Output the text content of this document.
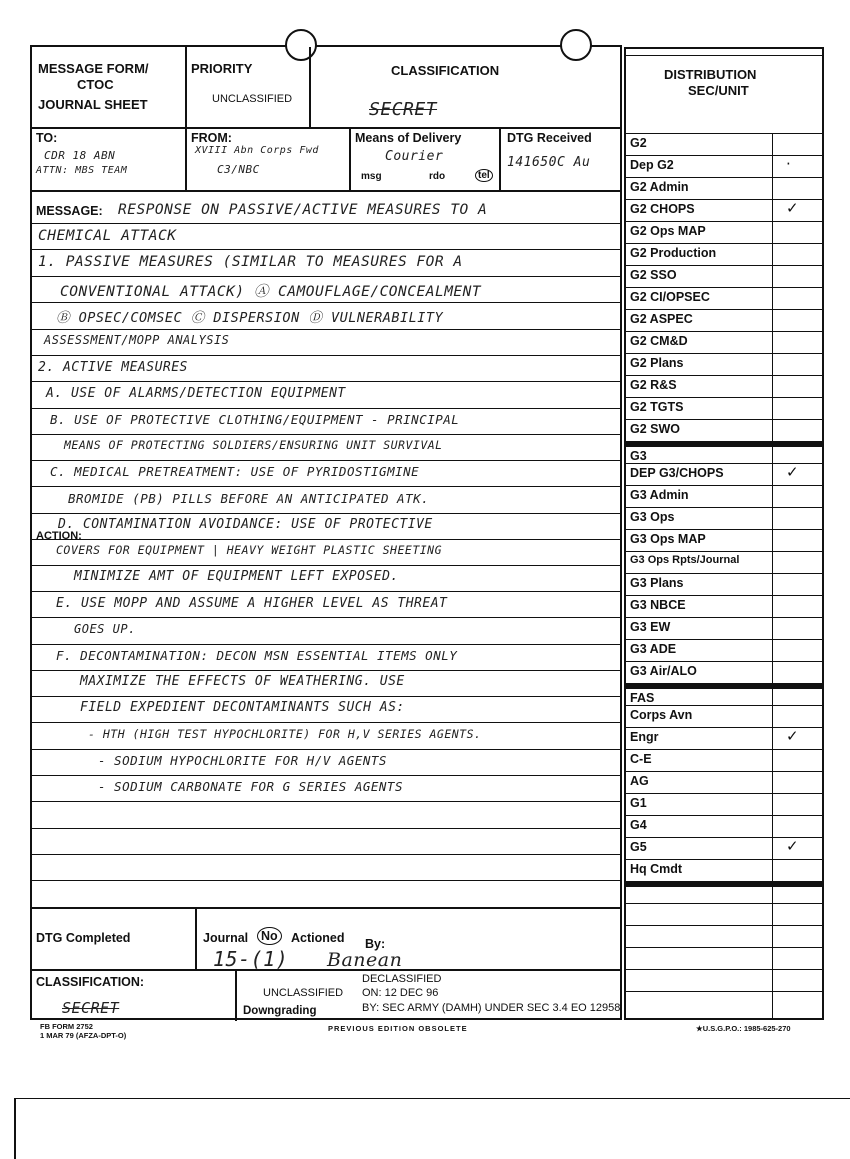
MESSAGE FORM/
CTOC
JOURNAL SHEET
PRIORITY
UNCLASSIFIED
CLASSIFICATION
SECRET
TO:
CDR 18 ABN
ATTN: MBS TEAM
FROM:
XVIII Abn Corps Fwd
C3/NBC
Means of Delivery
Courier
msg	rdo	tel
DTG Received
141650C Au
MESSAGE: RESPONSE ON PASSIVE/ACTIVE MEASURES TO A
CHEMICAL ATTACK
1. PASSIVE MEASURES (SIMILAR TO MEASURES FOR A
CONVENTIONAL ATTACK) Ⓐ CAMOUFLAGE/CONCEALMENT
Ⓑ OPSEC/COMSEC Ⓒ DISPERSION Ⓓ VULNERABILITY
ASSESSMENT/MOPP ANALYSIS
2. ACTIVE MEASURES
A. USE OF ALARMS/DETECTION EQUIPMENT
B. USE OF PROTECTIVE CLOTHING/EQUIPMENT - PRINCIPAL
MEANS OF PROTECTING SOLDIERS/ENSURING UNIT SURVIVAL
C. MEDICAL PRETREATMENT: USE OF PYRIDOSTIGMINE
BROMIDE (PB) PILLS BEFORE AN ANTICIPATED ATK.
D. CONTAMINATION AVOIDANCE: USE OF PROTECTIVE
ACTION:
COVERS FOR EQUIPMENT | HEAVY WEIGHT PLASTIC SHEETING
MINIMIZE AMT OF EQUIPMENT LEFT EXPOSED.
E. USE MOPP AND ASSUME A HIGHER LEVEL AS THREAT
GOES UP.
F. DECONTAMINATION: DECON MSN ESSENTIAL ITEMS ONLY
MAXIMIZE THE EFFECTS OF WEATHERING. USE
FIELD EXPEDIENT DECONTAMINANTS SUCH AS:
- HTH (HIGH TEST HYPOCHLORITE) FOR H,V SERIES AGENTS.
- SODIUM HYPOCHLORITE FOR H/V AGENTS
- SODIUM CARBONATE FOR G SERIES AGENTS
DTG Completed	Journal	No	Actioned By:
15-(1) Banean
CLASSIFICATION:
SECRET
UNCLASSIFIED
Downgrading
DECLASSIFIED
ON: 12 DEC 96
BY: SEC ARMY (DAMH) UNDER SEC 3.4 EO 12958
FB FORM 2752
1 MAR 79 (AFZA-DPT-O)
PREVIOUS EDITION OBSOLETE	★U.S.G.P.O.: 1985-625-270
DISTRIBUTION
SEC/UNIT
G2
Dep G2	·
G2 Admin
G2 CHOPS	✓
G2 Ops MAP
G2 Production
G2 SSO
G2 CI/OPSEC
G2 ASPEC
G2 CM&D
G2 Plans
G2 R&S
G2 TGTS
G2 SWO
G3
DEP G3/CHOPS	✓
G3 Admin
G3 Ops
G3 Ops MAP
G3 Ops Rpts/Journal
G3 Plans
G3 NBCE
G3 EW
G3 ADE
G3 Air/ALO
FAS
Corps Avn
Engr	✓
C-E
AG
G1
G4
G5	✓
Hq Cmdt
